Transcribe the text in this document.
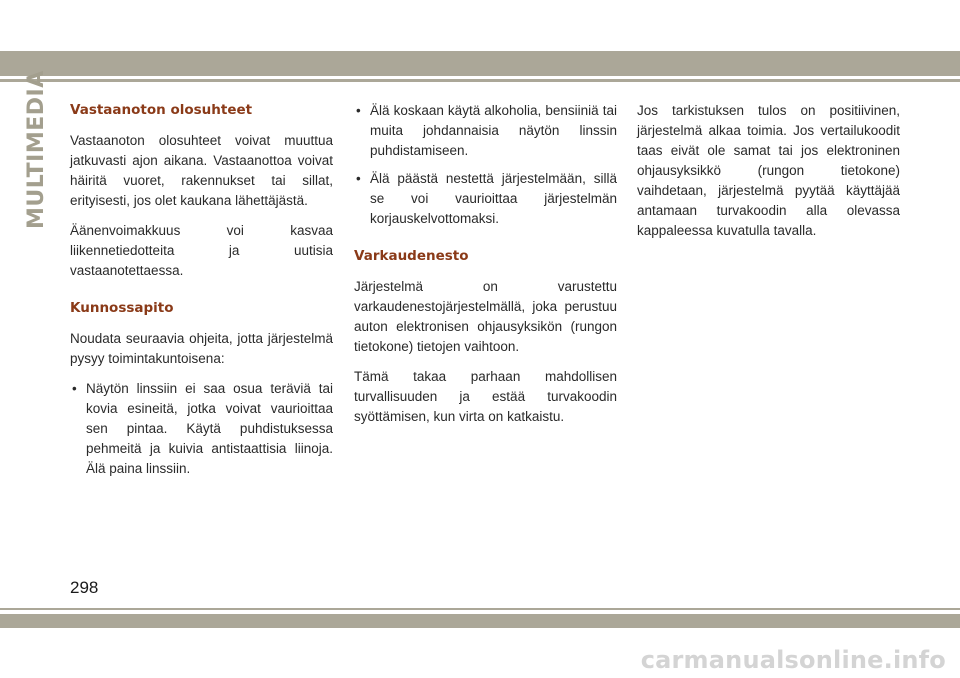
MULTIMEDIA Vastaanoton olosuhteet

Vastaanoton olosuhteet voivat muuttua jatkuvasti ajon aikana. Vastaanottoa voivat häiritä vuoret, rakennukset tai sillat, erityisesti, jos olet kaukana lähettäjästä.

Äänenvoimakkuus voi kasvaa liikennetiedotteita ja uutisia vastaanotettaessa.

Kunnossapito

Noudata seuraavia ohjeita, jotta järjestelmä pysyy toimintakuntoisena:

• Näytön linssiin ei saa osua teräviä tai kovia esineitä, jotka voivat vaurioittaa sen pintaa. Käytä puhdistuksessa pehmeitä ja kuivia antistaattisia liinoja. Älä paina linssiin.
• Älä koskaan käytä alkoholia, bensiiniä tai muita johdannaisia näytön linssin puhdistamiseen.
• Älä päästä nestettä järjestelmään, sillä se voi vaurioittaa järjestelmän korjauskelvottomaksi.
Varkaudenesto

Järjestelmä on varustettu varkaudenestojärjestelmällä, joka perustuu auton elektronisen ohjausyksikön (rungon tietokone) tietojen vaihtoon.

Tämä takaa parhaan mahdollisen turvallisuuden ja estää turvakoodin syöttämisen, kun virta on katkaistu.

Jos tarkistuksen tulos on positiivinen, järjestelmä alkaa toimia. Jos vertailukoodit taas eivät ole samat tai jos elektroninen ohjausyksikkö (rungon tietokone) vaihdetaan, järjestelmä pyytää käyttäjää antamaan turvakoodin alla olevassa kappaleessa kuvatulla tavalla.

298
carmanualsonline.info
